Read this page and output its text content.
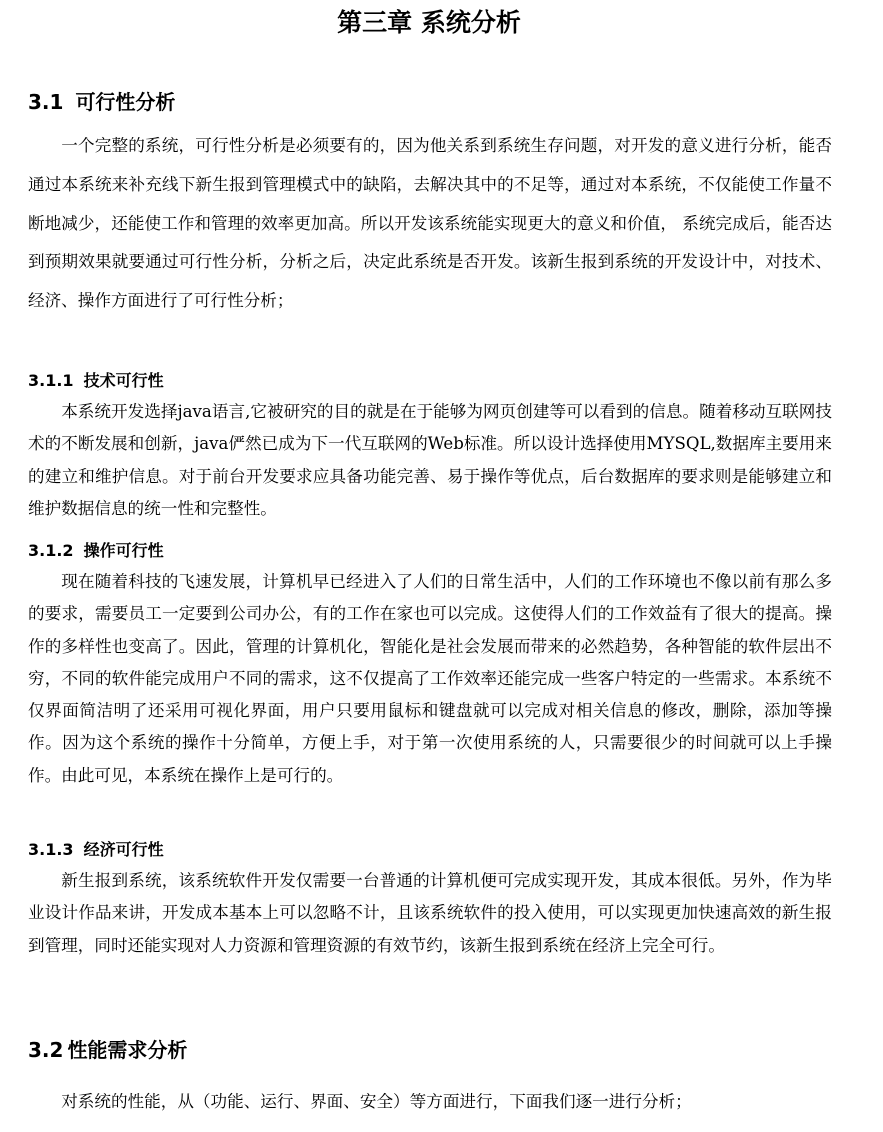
第三章 系统分析
3.1 可行性分析

一个完整的系统，可行性分析是必须要有的，因为他关系到系统生存问题，对开发的意义进行分析，能否通过本系统来补充线下新生报到管理模式中的缺陷，去解决其中的不足等，通过对本系统，不仅能使工作量不断地减少，还能使工作和管理的效率更加高。所以开发该系统能实现更大的意义和价值， 系统完成后，能否达到预期效果就要通过可行性分析，分析之后，决定此系统是否开发。该新生报到系统的开发设计中，对技术、经济、操作方面进行了可行性分析；

3.1.1 技术可行性

本系统开发选择java语言,它被研究的目的就是在于能够为网页创建等可以看到的信息。随着移动互联网技术的不断发展和创新，java俨然已成为下一代互联网的Web标准。所以设计选择使用MYSQL,数据库主要用来的建立和维护信息。对于前台开发要求应具备功能完善、易于操作等优点，后台数据库的要求则是能够建立和维护数据信息的统一性和完整性。

3.1.2 操作可行性

现在随着科技的飞速发展，计算机早已经进入了人们的日常生活中，人们的工作环境也不像以前有那么多的要求，需要员工一定要到公司办公，有的工作在家也可以完成。这使得人们的工作效益有了很大的提高。操作的多样性也变高了。因此，管理的计算机化，智能化是社会发展而带来的必然趋势，各种智能的软件层出不穷，不同的软件能完成用户不同的需求，这不仅提高了工作效率还能完成一些客户特定的一些需求。本系统不仅界面简洁明了还采用可视化界面，用户只要用鼠标和键盘就可以完成对相关信息的修改，删除，添加等操作。因为这个系统的操作十分简单，方便上手，对于第一次使用系统的人，只需要很少的时间就可以上手操作。由此可见，本系统在操作上是可行的。

3.1.3 经济可行性

新生报到系统，该系统软件开发仅需要一台普通的计算机便可完成实现开发，其成本很低。另外，作为毕业设计作品来讲，开发成本基本上可以忽略不计，且该系统软件的投入使用，可以实现更加快速高效的新生报到管理，同时还能实现对人力资源和管理资源的有效节约，该新生报到系统在经济上完全可行。

3.2 性能需求分析

对系统的性能，从（功能、运行、界面、安全）等方面进行，下面我们逐一进行分析；
